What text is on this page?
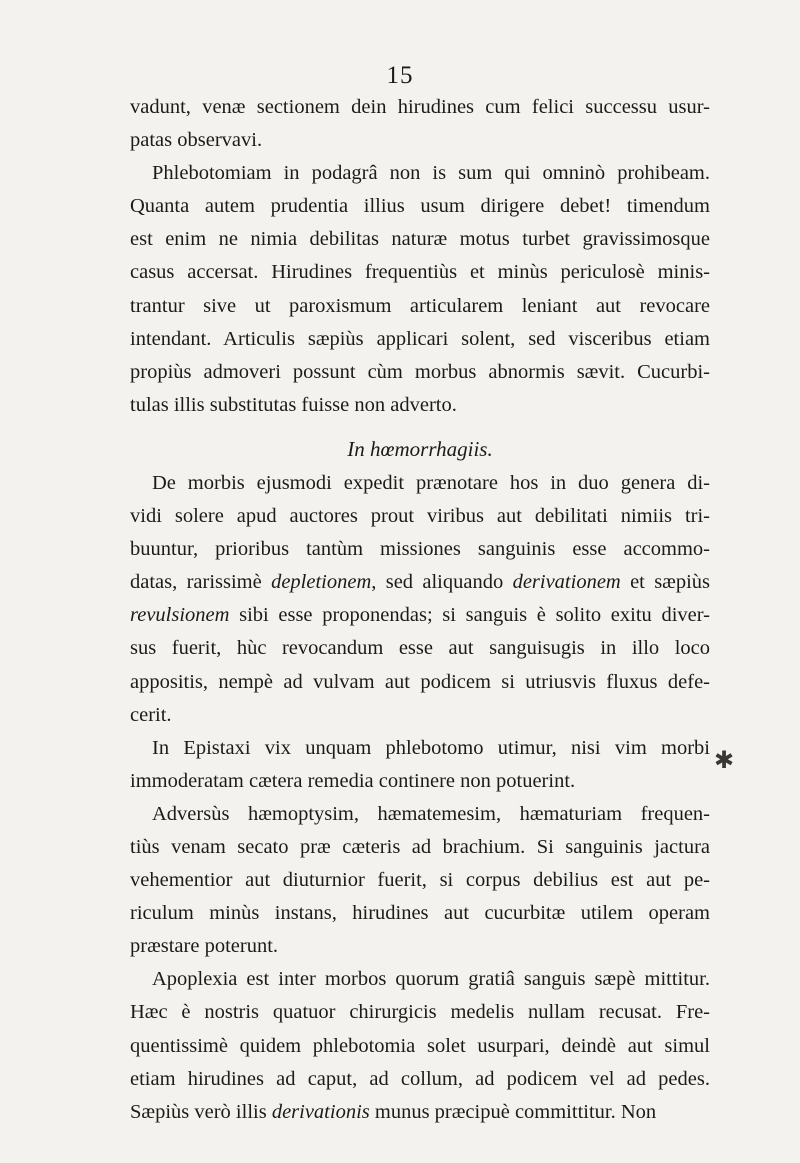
15
vadunt, venæ sectionem dein hirudines cum felici successu usur-
patas observavi.
Phlebotomiam in podagrâ non is sum qui omninò prohibeam.
Quanta autem prudentia illius usum dirigere debet! timendum
est enim ne nimia debilitas naturæ motus turbet gravissimosque
casus accersat. Hirudines frequentiùs et minùs periculosè minis-
trantur sive ut paroxismum articularem leniant aut revocare
intendant. Articulis sæpiùs applicari solent, sed visceribus etiam
propiùs admoveri possunt cùm morbus abnormis sævit. Cucurbi-
tulas illis substitutas fuisse non adverto.
In hœmorrhagiis.
De morbis ejusmodi expedit prænotare hos in duo genera di-
vidi solere apud auctores prout viribus aut debilitati nimiis tri-
buuntur, prioribus tantùm missiones sanguinis esse accommo-
datas, rarissimè depletionem, sed aliquando derivationem et sæpiùs
revulsionem sibi esse proponendas; si sanguis è solito exitu diver-
sus fuerit, hùc revocandum esse aut sanguisugis in illo loco
appositis, nempè ad vulvam aut podicem si utriusvis fluxus defe-
cerit.
In Epistaxi vix unquam phlebotomo utimur, nisi vim morbi
immoderatam cætera remedia continere non potuerint.
Adversùs hæmoptysim, hæmatemesim, hæmaturiam frequen-
tiùs venam secato præ cæteris ad brachium. Si sanguinis jactura
vehementior aut diuturnior fuerit, si corpus debilius est aut pe-
riculum minùs instans, hirudines aut cucurbitæ utilem operam
præstare poterunt.
Apoplexia est inter morbos quorum gratiâ sanguis sæpè mittitur.
Hæc è nostris quatuor chirurgicis medelis nullam recusat. Fre-
quentissimè quidem phlebotomia solet usurpari, deindè aut simul
etiam hirudines ad caput, ad collum, ad podicem vel ad pedes.
Sæpiùs verò illis derivationis munus præcipuè committitur. Non
✱
